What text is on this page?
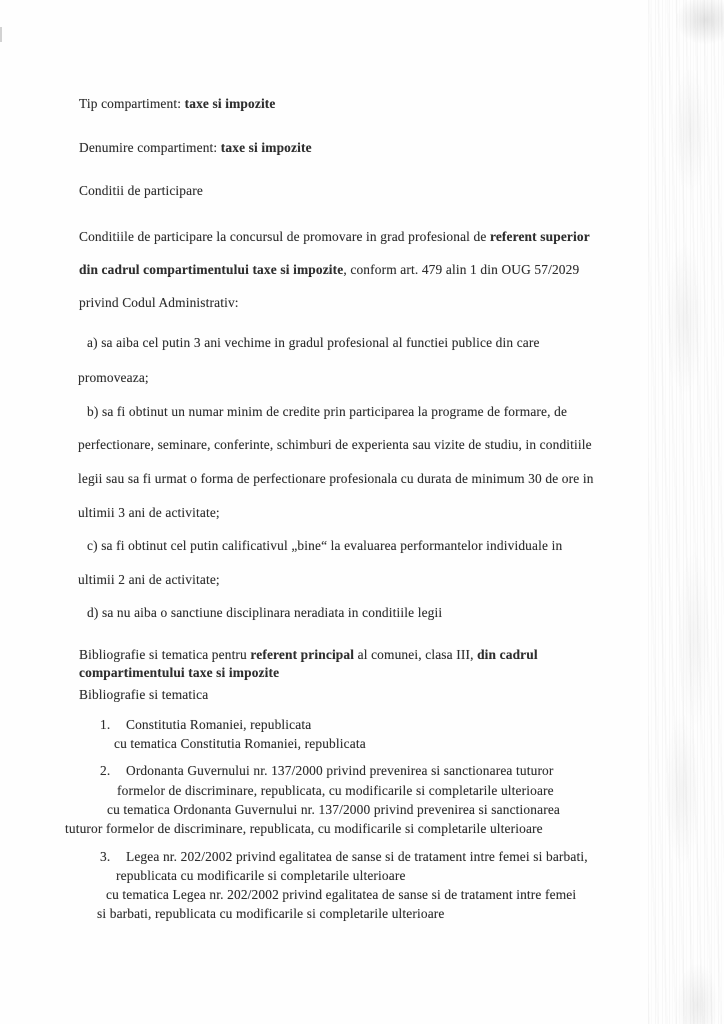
Tip compartiment: taxe si impozite
Denumire compartiment: taxe si impozite
Conditii de participare
Conditiile de participare la concursul de promovare in grad profesional de referent superior
din cadrul compartimentului taxe si impozite, conform art. 479 alin 1 din OUG 57/2029
privind Codul Administrativ:
a) sa aiba cel putin 3 ani vechime in gradul profesional al functiei publice din care
promoveaza;
b) sa fi obtinut un numar minim de credite prin participarea la programe de formare, de
perfectionare, seminare, conferinte, schimburi de experienta sau vizite de studiu, in conditiile
legii sau sa fi urmat o forma de perfectionare profesionala cu durata de minimum 30 de ore in
ultimii 3 ani de activitate;
c) sa fi obtinut cel putin calificativul „bine“ la evaluarea performantelor individuale in
ultimii 2 ani de activitate;
d) sa nu aiba o sanctiune disciplinara neradiata in conditiile legii
Bibliografie si tematica pentru referent principal al comunei, clasa III, din cadrul
compartimentului taxe si impozite
Bibliografie si tematica
1. Constitutia Romaniei, republicata
cu tematica Constitutia Romaniei, republicata
2. Ordonanta Guvernului nr. 137/2000 privind prevenirea si sanctionarea tuturor
formelor de discriminare, republicata, cu modificarile si completarile ulterioare
cu tematica Ordonanta Guvernului nr. 137/2000 privind prevenirea si sanctionarea
tuturor formelor de discriminare, republicata, cu modificarile si completarile ulterioare
3. Legea nr. 202/2002 privind egalitatea de sanse si de tratament intre femei si barbati,
republicata cu modificarile si completarile ulterioare
cu tematica Legea nr. 202/2002 privind egalitatea de sanse si de tratament intre femei
si barbati, republicata cu modificarile si completarile ulterioare
